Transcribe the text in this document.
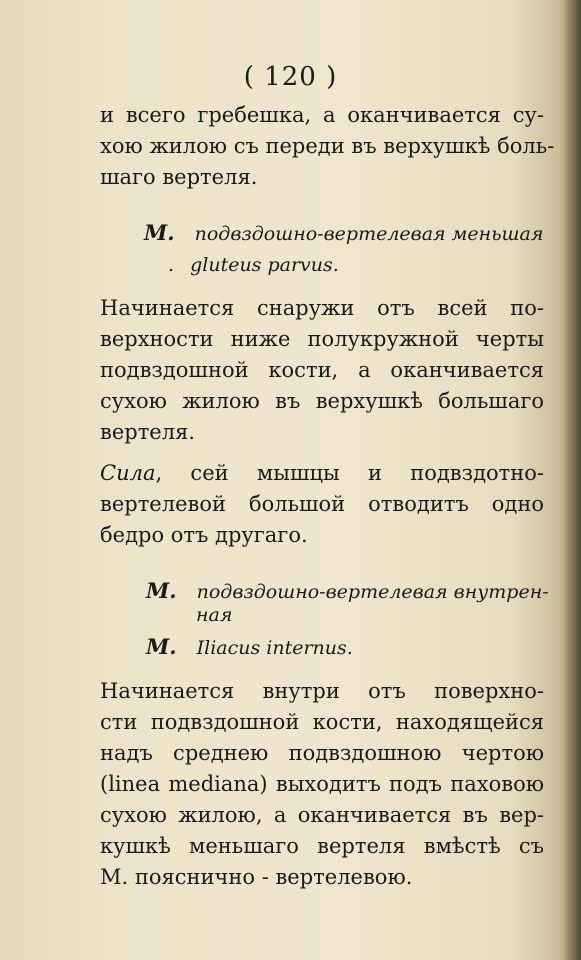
( 120 )
и всего гребешка, а оканчивается су-
хою жилою съ переди въ верхушкѣ боль-
шаго вертеля.
M. подвздошно-вертелевая меньшая
. gluteus parvus.
Начинается снаружи отъ всей по-
верхности ниже полукружной черты
подвздошной кости, а оканчивается
сухою жилою въ верхушкѣ большаго
вертеля.
Сила, сей мышцы и подвздотно-
вертелевой большой отводитъ одно
бедро отъ другаго.
M. подвздошно-вертелевая внутрен-
ная
M. Iliacus internus.
Начинается внутри отъ поверхно-
сти подвздошной кости, находящейся
надъ среднею подвздошною чертою
(linea mediana) выходитъ подъ паховою
сухою жилою, а оканчивается въ вер-
кушкѣ меньшаго вертеля вмѣстѣ съ
M. пояснично - вертелевою.
